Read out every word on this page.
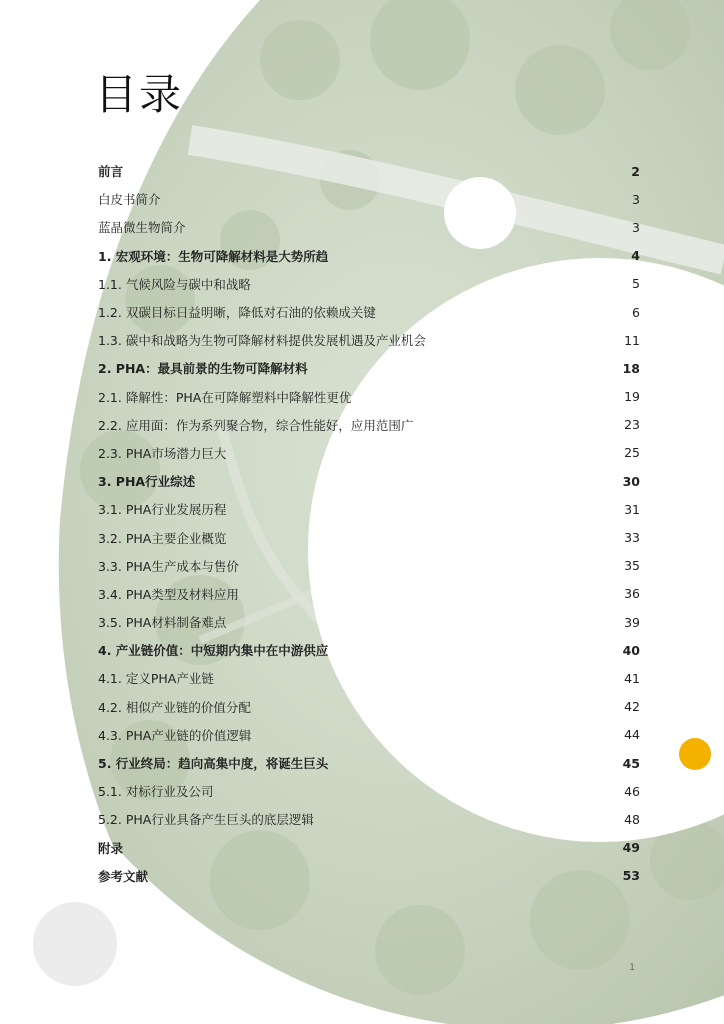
目录
前言	2
白皮书简介	3
蓝晶微生物简介	3
1. 宏观环境：生物可降解材料是大势所趋	4
1.1. 气候风险与碳中和战略	5
1.2. 双碳目标日益明晰，降低对石油的依赖成关键	6
1.3. 碳中和战略为生物可降解材料提供发展机遇及产业机会	11
2. PHA：最具前景的生物可降解材料	18
2.1. 降解性：PHA在可降解塑料中降解性更优	19
2.2. 应用面：作为系列聚合物，综合性能好，应用范围广	23
2.3. PHA市场潜力巨大	25
3. PHA行业综述	30
3.1. PHA行业发展历程	31
3.2. PHA主要企业概览	33
3.3. PHA生产成本与售价	35
3.4. PHA类型及材料应用	36
3.5. PHA材料制备难点	39
4. 产业链价值：中短期内集中在中游供应	40
4.1. 定义PHA产业链	41
4.2. 相似产业链的价值分配	42
4.3. PHA产业链的价值逻辑	44
5. 行业终局：趋向高集中度，将诞生巨头	45
5.1. 对标行业及公司	46
5.2. PHA行业具备产生巨头的底层逻辑	48
附录	49
参考文献	53
1
